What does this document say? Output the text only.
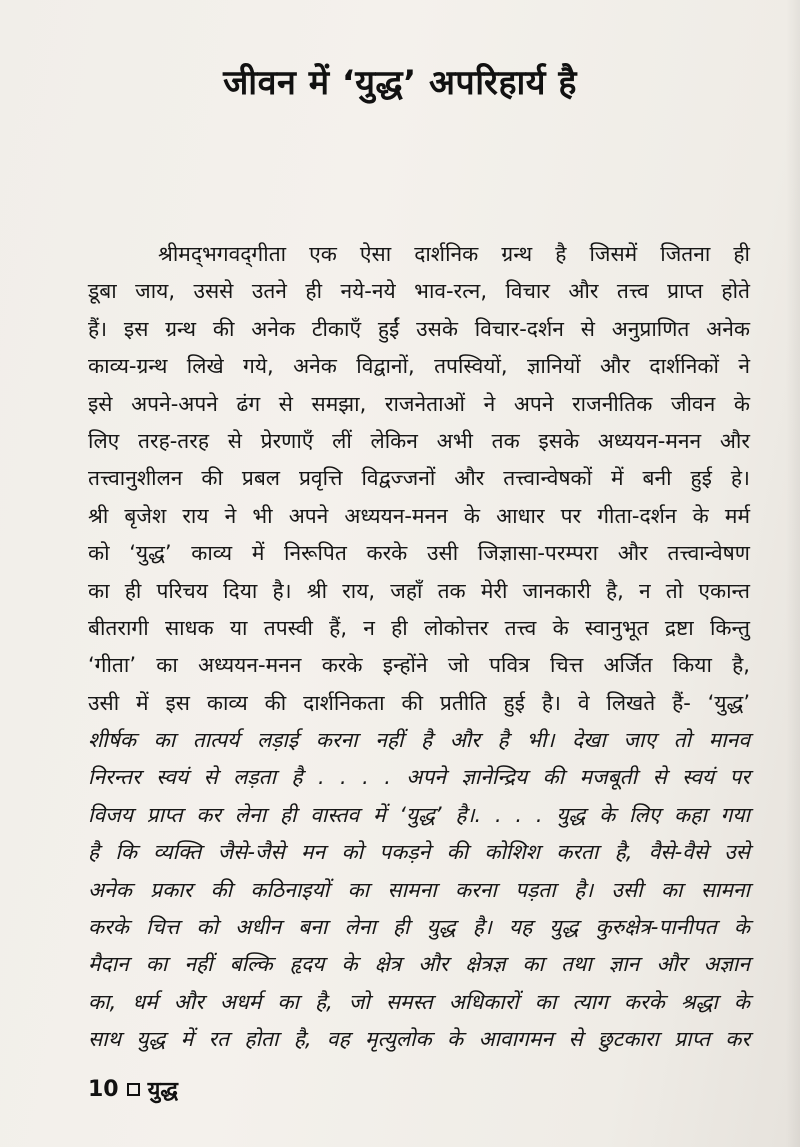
जीवन में ‘युद्ध’ अपरिहार्य है
श्रीमद्‌भगवद्‌गीता एक ऐसा दार्शनिक ग्रन्थ है जिसमें जितना ही
डूबा जाय, उससे उतने ही नये-नये भाव-रत्न, विचार और तत्त्व प्राप्त होते
हैं। इस ग्रन्थ की अनेक टीकाएँ हुईं उसके विचार-दर्शन से अनुप्राणित अनेक
काव्य-ग्रन्थ लिखे गये, अनेक विद्वानों, तपस्वियों, ज्ञानियों और दार्शनिकों ने
इसे अपने-अपने ढंग से समझा, राजनेताओं ने अपने राजनीतिक जीवन के
लिए तरह-तरह से प्रेरणाएँ लीं लेकिन अभी तक इसके अध्ययन-मनन और
तत्त्वानुशीलन की प्रबल प्रवृत्ति विद्वज्जनों और तत्त्वान्वेषकों में बनी हुई हे।
श्री बृजेश राय ने भी अपने अध्ययन-मनन के आधार पर गीता-दर्शन के मर्म
को ‘युद्ध’ काव्य में निरूपित करके उसी जिज्ञासा-परम्परा और तत्त्वान्वेषण
का ही परिचय दिया है। श्री राय, जहाँ तक मेरी जानकारी है, न तो एकान्त
बीतरागी साधक या तपस्वी हैं, न ही लोकोत्तर तत्त्व के स्वानुभूत द्रष्टा किन्तु
‘गीता’ का अध्ययन-मनन करके इन्होंने जो पवित्र चित्त अर्जित किया है,
उसी में इस काव्य की दार्शनिकता की प्रतीति हुई है। वे लिखते हैं- ‘युद्ध’
शीर्षक का तात्पर्य लड़ाई करना नहीं है और है भी। देखा जाए तो मानव
निरन्तर स्वयं से लड़ता है . . . . अपने ज्ञानेन्द्रिय की मजबूती से स्वयं पर
विजय प्राप्त कर लेना ही वास्तव में ‘युद्ध’ है।. . . . युद्ध के लिए कहा गया
है कि व्यक्ति जैसे-जैसे मन को पकड़ने की कोशिश करता है, वैसे-वैसे उसे
अनेक प्रकार की कठिनाइयों का सामना करना पड़ता है। उसी का सामना
करके चित्त को अधीन बना लेना ही युद्ध है। यह युद्ध कुरुक्षेत्र-पानीपत के
मैदान का नहीं बल्कि हृदय के क्षेत्र और क्षेत्रज्ञ का तथा ज्ञान और अज्ञान
का, धर्म और अधर्म का है, जो समस्त अधिकारों का त्याग करके श्रद्धा के
साथ युद्ध में रत होता है, वह मृत्युलोक के आवागमन से छुटकारा प्राप्त कर
10 युद्ध
